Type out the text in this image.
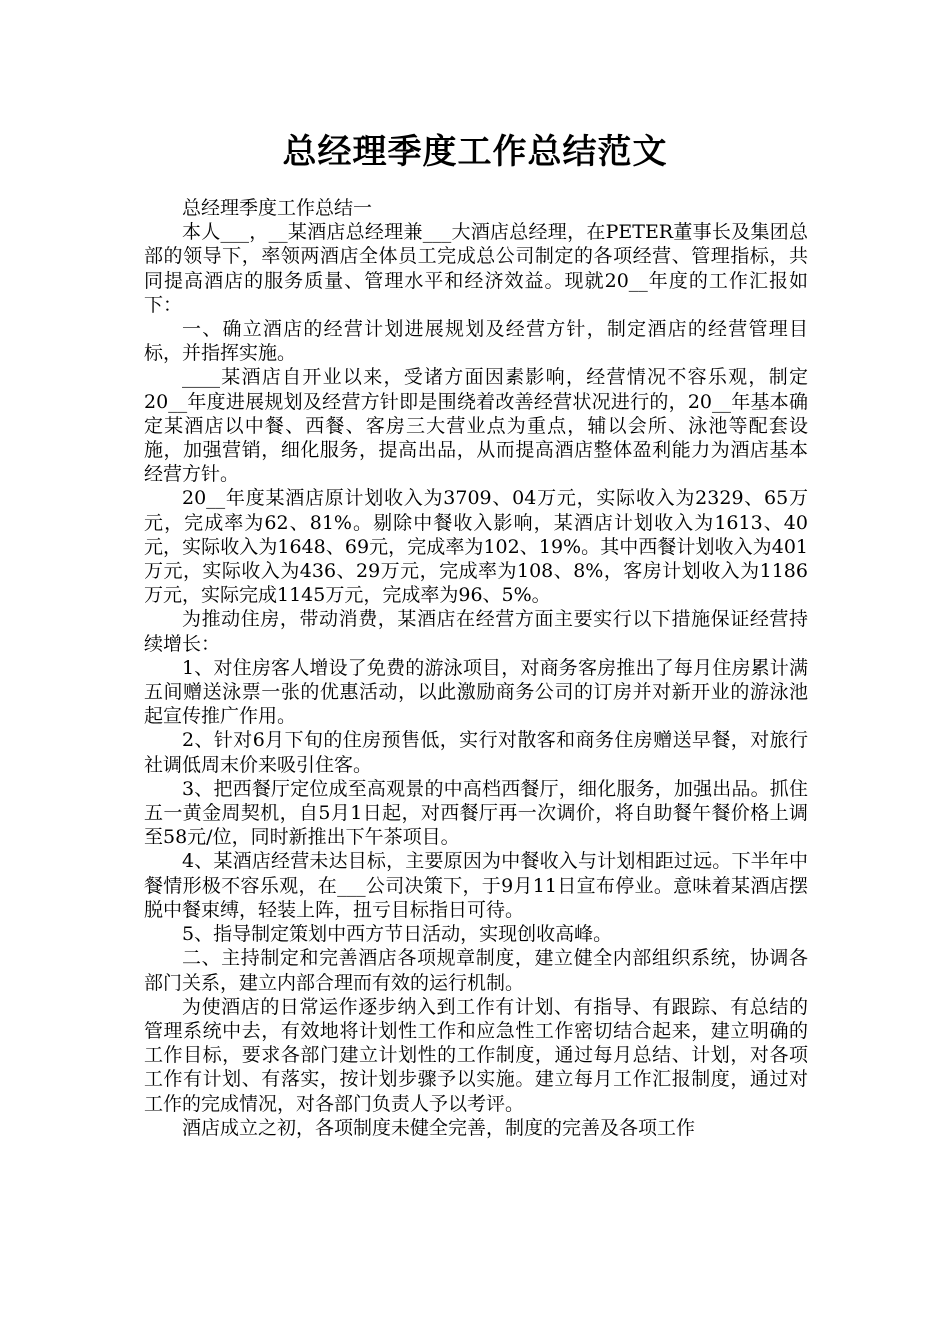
总经理季度工作总结范文

总经理季度工作总结一

本人___，__某酒店总经理兼___大酒店总经理，在PETER董事长及集团总部的领导下，率领两酒店全体员工完成总公司制定的各项经营、管理指标，共同提高酒店的服务质量、管理水平和经济效益。现就20__年度的工作汇报如下：

一、确立酒店的经营计划进展规划及经营方针，制定酒店的经营管理目标，并指挥实施。

____某酒店自开业以来，受诸方面因素影响，经营情况不容乐观，制定20__年度进展规划及经营方针即是围绕着改善经营状况进行的，20__年基本确定某酒店以中餐、西餐、客房三大营业点为重点，辅以会所、泳池等配套设施，加强营销，细化服务，提高出品，从而提高酒店整体盈利能力为酒店基本经营方针。

20__年度某酒店原计划收入为3709、04万元，实际收入为2329、65万元，完成率为62、81%。剔除中餐收入影响，某酒店计划收入为1613、40元，实际收入为1648、69元，完成率为102、19%。其中西餐计划收入为401万元，实际收入为436、29万元，完成率为108、8%，客房计划收入为1186万元，实际完成1145万元，完成率为96、5%。

为推动住房，带动消费，某酒店在经营方面主要实行以下措施保证经营持续增长：

1、对住房客人增设了免费的游泳项目，对商务客房推出了每月住房累计满五间赠送泳票一张的优惠活动，以此激励商务公司的订房并对新开业的游泳池起宣传推广作用。

2、针对6月下旬的住房预售低，实行对散客和商务住房赠送早餐，对旅行社调低周末价来吸引住客。

3、把西餐厅定位成至高观景的中高档西餐厅，细化服务，加强出品。抓住五一黄金周契机，自5月1日起，对西餐厅再一次调价，将自助餐午餐价格上调至58元/位，同时新推出下午茶项目。

4、某酒店经营未达目标，主要原因为中餐收入与计划相距过远。下半年中餐情形极不容乐观，在___公司决策下，于9月11日宣布停业。意味着某酒店摆脱中餐束缚，轻装上阵，扭亏目标指日可待。

5、指导制定策划中西方节日活动，实现创收高峰。

二、主持制定和完善酒店各项规章制度，建立健全内部组织系统，协调各部门关系，建立内部合理而有效的运行机制。

为使酒店的日常运作逐步纳入到工作有计划、有指导、有跟踪、有总结的管理系统中去，有效地将计划性工作和应急性工作密切结合起来，建立明确的工作目标，要求各部门建立计划性的工作制度，通过每月总结、计划，对各项工作有计划、有落实，按计划步骤予以实施。建立每月工作汇报制度，通过对工作的完成情况，对各部门负责人予以考评。

酒店成立之初，各项制度未健全完善，制度的完善及各项工作
